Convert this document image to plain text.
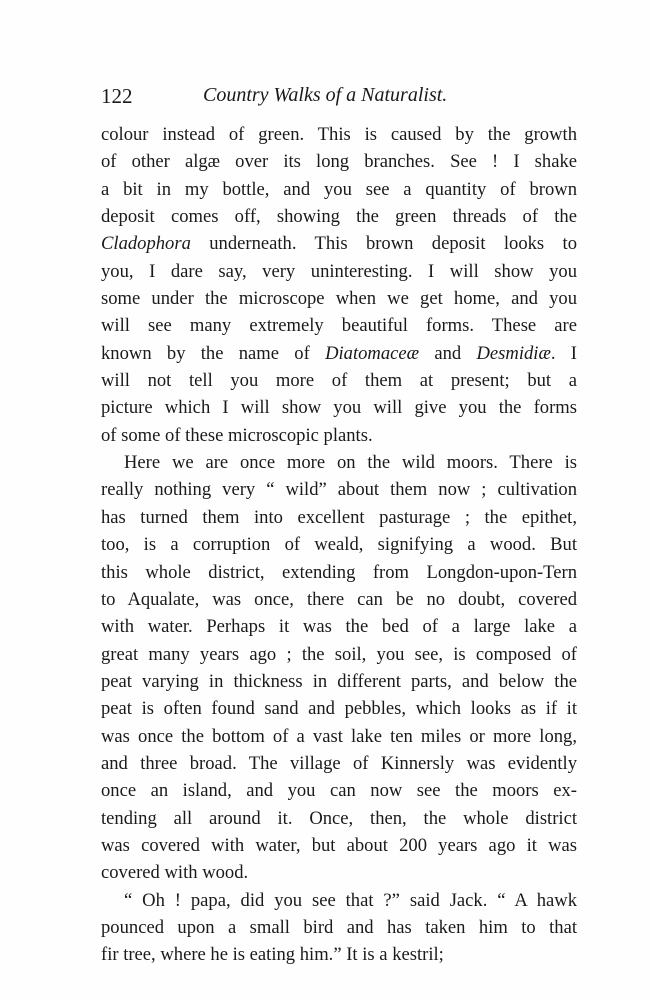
122	Country Walks of a Naturalist.

colour instead of green. This is caused by the growth
of other algæ over its long branches. See ! I shake
a bit in my bottle, and you see a quantity of brown
deposit comes off, showing the green threads of the
Cladophora underneath. This brown deposit looks to
you, I dare say, very uninteresting. I will show you
some under the microscope when we get home, and you
will see many extremely beautiful forms. These are
known by the name of Diatomaceæ and Desmidiæ. I
will not tell you more of them at present; but a
picture which I will show you will give you the forms
of some of these microscopic plants.

Here we are once more on the wild moors. There is
really nothing very “ wild” about them now ; cultivation
has turned them into excellent pasturage ; the epithet,
too, is a corruption of weald, signifying a wood. But
this whole district, extending from Longdon-upon-Tern
to Aqualate, was once, there can be no doubt, covered
with water. Perhaps it was the bed of a large lake a
great many years ago ; the soil, you see, is composed of
peat varying in thickness in different parts, and below the
peat is often found sand and pebbles, which looks as if it
was once the bottom of a vast lake ten miles or more long,
and three broad. The village of Kinnersly was evidently
once an island, and you can now see the moors ex-
tending all around it. Once, then, the whole district
was covered with water, but about 200 years ago it was
covered with wood.

“ Oh ! papa, did you see that ?” said Jack. “ A hawk
pounced upon a small bird and has taken him to that
fir tree, where he is eating him.” It is a kestril;
